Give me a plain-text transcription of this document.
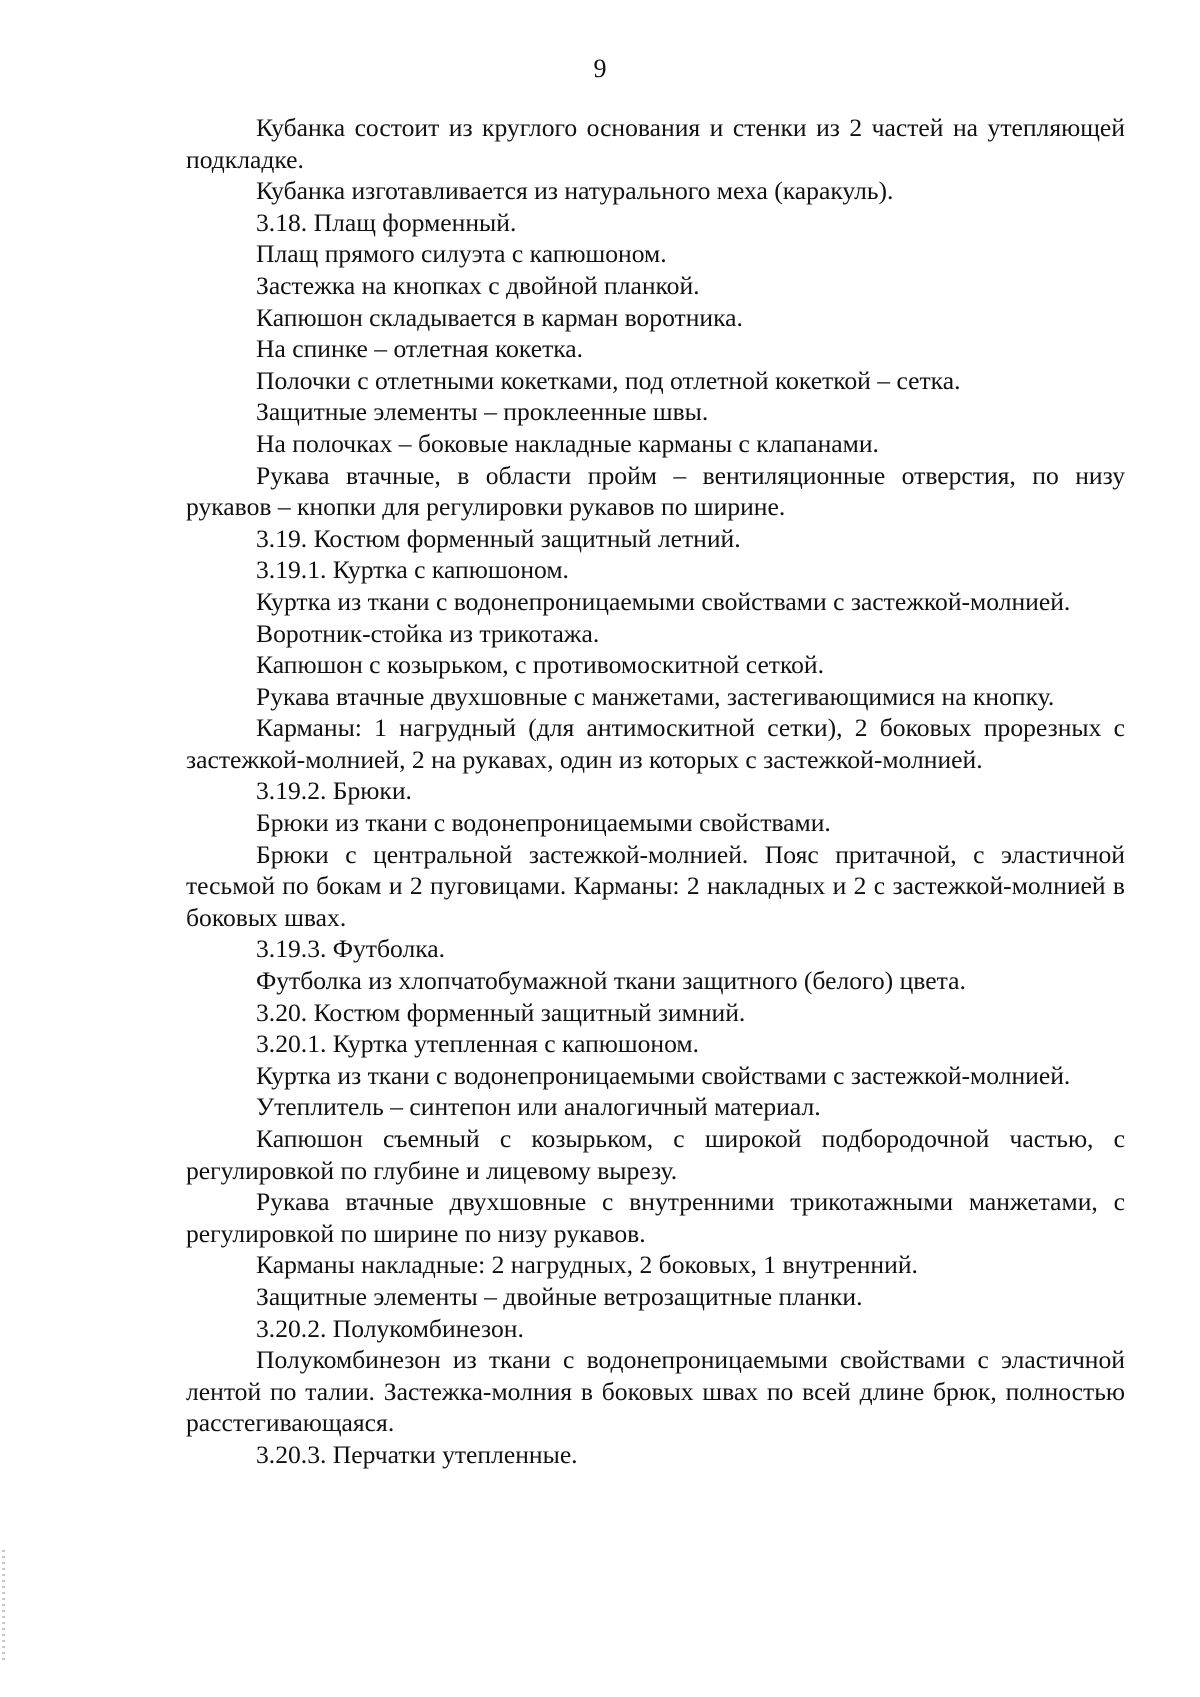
9

Кубанка состоит из круглого основания и стенки из 2 частей на утепляющей подкладке.

Кубанка изготавливается из натурального меха (каракуль).

3.18. Плащ форменный.

Плащ прямого силуэта с капюшоном.

Застежка на кнопках с двойной планкой.

Капюшон складывается в карман воротника.

На спинке – отлетная кокетка.

Полочки с отлетными кокетками, под отлетной кокеткой – сетка.

Защитные элементы – проклеенные швы.

На полочках – боковые накладные карманы с клапанами.

Рукава втачные, в области пройм – вентиляционные отверстия, по низу рукавов – кнопки для регулировки рукавов по ширине.

3.19. Костюм форменный защитный летний.

3.19.1. Куртка с капюшоном.

Куртка из ткани с водонепроницаемыми свойствами с застежкой-молнией.

Воротник-стойка из трикотажа.

Капюшон с козырьком, с противомоскитной сеткой.

Рукава втачные двухшовные с манжетами, застегивающимися на кнопку.

Карманы: 1 нагрудный (для антимоскитной сетки), 2 боковых прорезных с застежкой-молнией, 2 на рукавах, один из которых с застежкой-молнией.

3.19.2. Брюки.

Брюки из ткани с водонепроницаемыми свойствами.

Брюки с центральной застежкой-молнией. Пояс притачной, с эластичной тесьмой по бокам и 2 пуговицами. Карманы: 2 накладных и 2 с застежкой-молнией в боковых швах.

3.19.3. Футболка.

Футболка из хлопчатобумажной ткани защитного (белого) цвета.

3.20. Костюм форменный защитный зимний.

3.20.1. Куртка утепленная с капюшоном.

Куртка из ткани с водонепроницаемыми свойствами с застежкой-молнией.

Утеплитель – синтепон или аналогичный материал.

Капюшон съемный с козырьком, с широкой подбородочной частью, с регулировкой по глубине и лицевому вырезу.

Рукава втачные двухшовные с внутренними трикотажными манжетами, с регулировкой по ширине по низу рукавов.

Карманы накладные: 2 нагрудных, 2 боковых, 1 внутренний.

Защитные элементы – двойные ветрозащитные планки.

3.20.2. Полукомбинезон.

Полукомбинезон из ткани с водонепроницаемыми свойствами с эластичной лентой по талии. Застежка-молния в боковых швах по всей длине брюк, полностью расстегивающаяся.

3.20.3. Перчатки утепленные.
